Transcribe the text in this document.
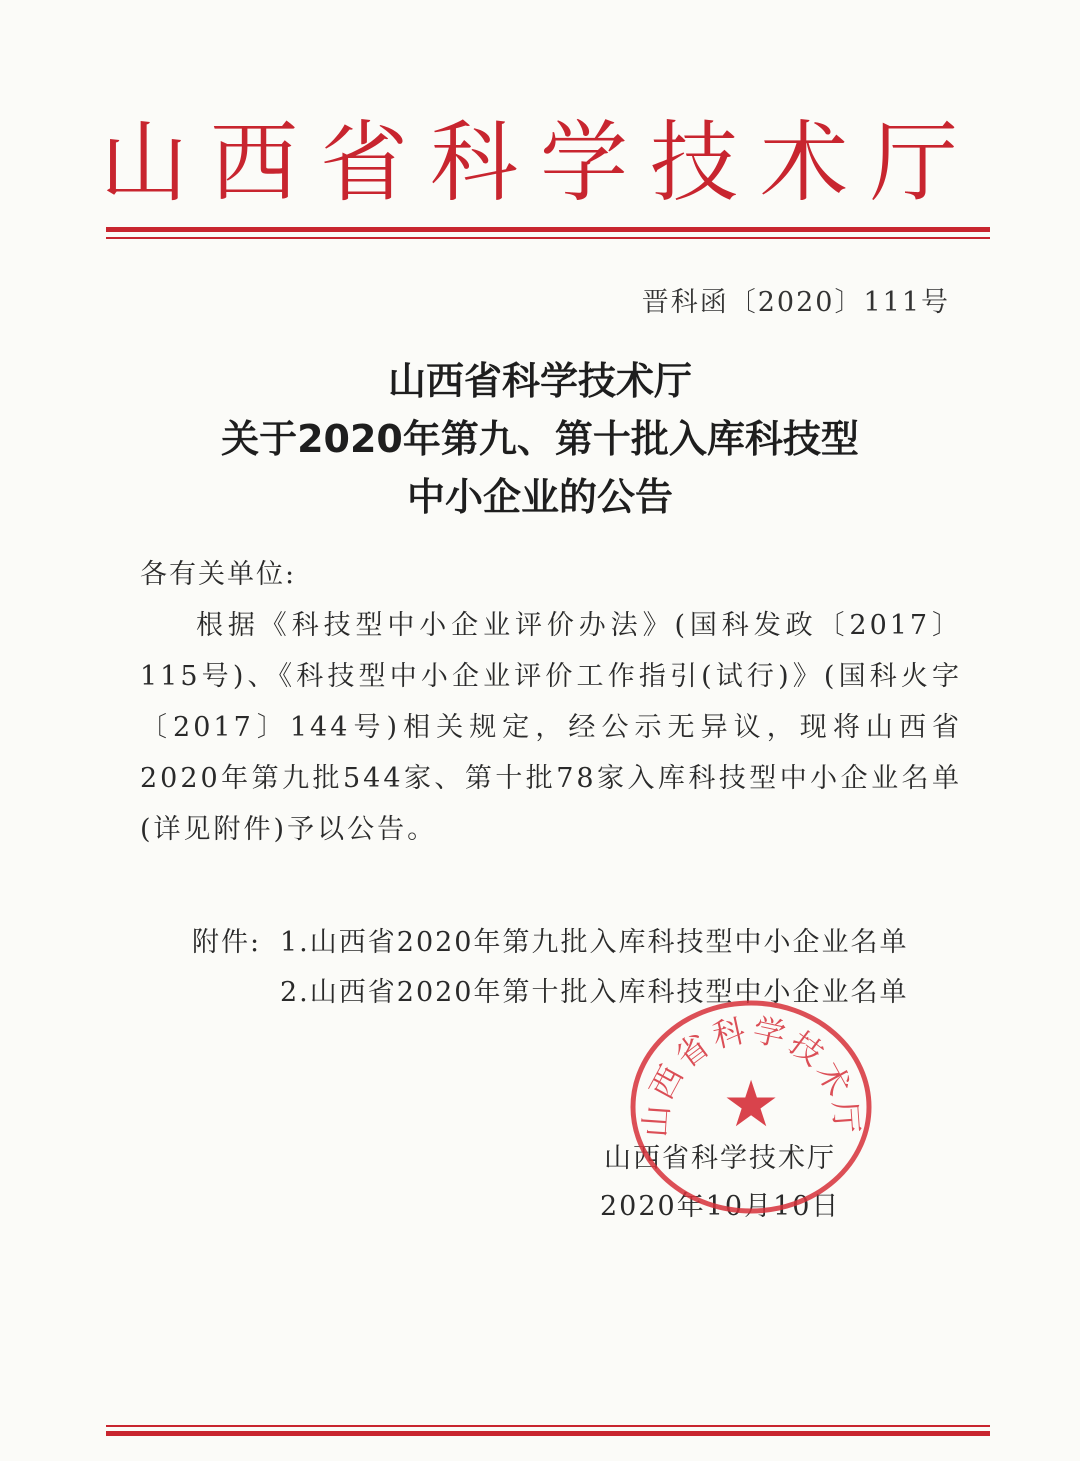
山西省科学技术厅
晋科函〔2020〕111号
山西省科学技术厅
关于2020年第九、第十批入库科技型
中小企业的公告
各有关单位:
根据《科技型中小企业评价办法》(国科发政〔2017〕115号)、《科技型中小企业评价工作指引(试行)》(国科火字〔2017〕144号)相关规定，经公示无异议，现将山西省2020年第九批544家、第十批78家入库科技型中小企业名单(详见附件)予以公告。
附件: 1.山西省2020年第九批入库科技型中小企业名单
2.山西省2020年第十批入库科技型中小企业名单
山西省科学技术厅
2020年10月10日
山西省科学技术厅
★
